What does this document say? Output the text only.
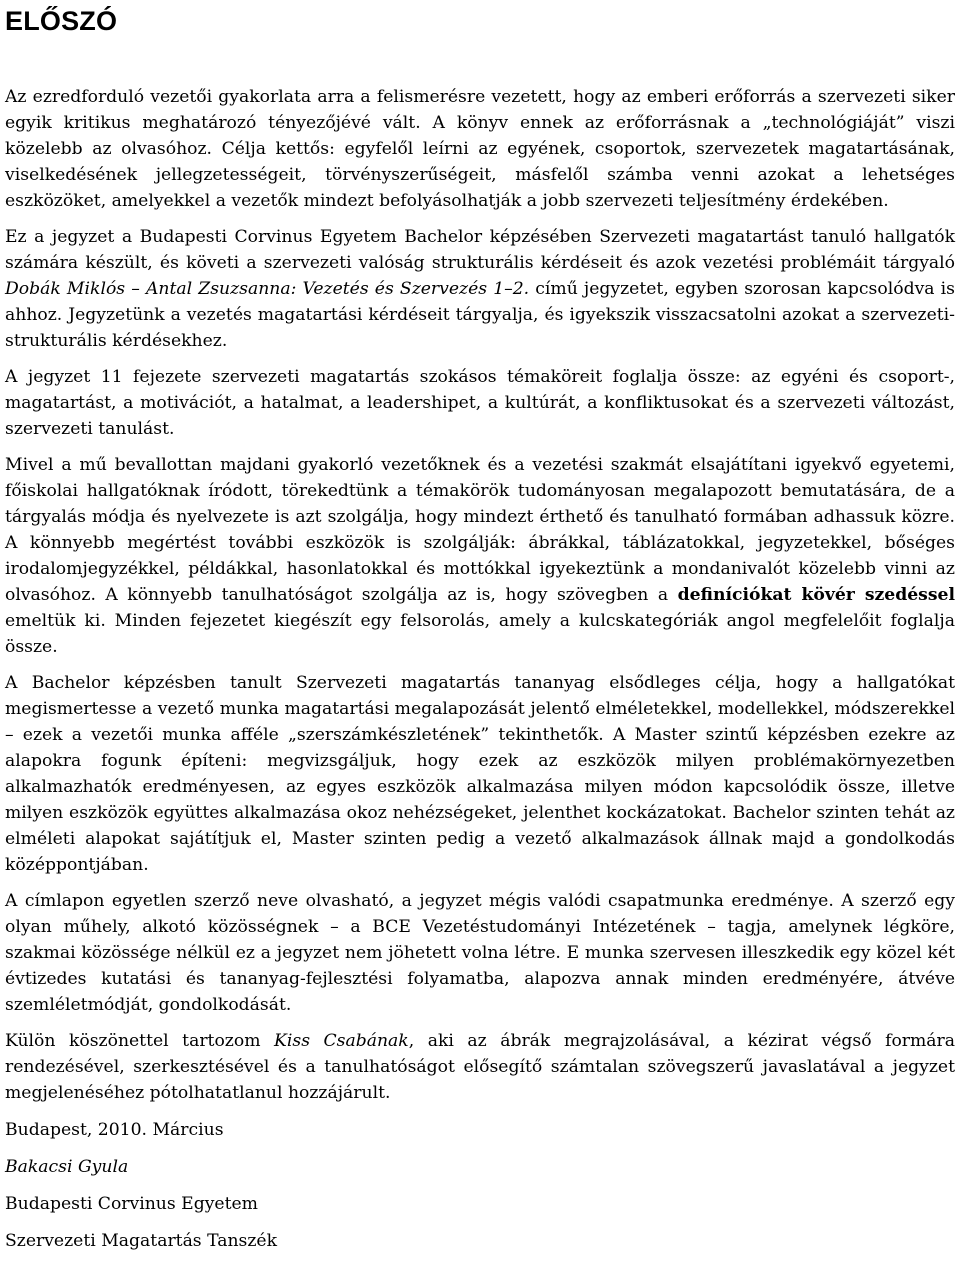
ELŐSZÓ

Az ezredforduló vezetői gyakorlata arra a felismerésre vezetett, hogy az emberi erőforrás a szervezeti siker egyik kritikus meghatározó tényezőjévé vált. A könyv ennek az erőforrásnak a „technológiáját” viszi közelebb az olvasóhoz. Célja kettős: egyfelől leírni az egyének, csoportok, szervezetek magatartásának, viselkedésének jellegzetességeit, törvényszerűségeit, másfelől számba venni azokat a lehetséges eszközöket, amelyekkel a vezetők mindezt befolyásolhatják a jobb szervezeti teljesítmény érdekében.

Ez a jegyzet a Budapesti Corvinus Egyetem Bachelor képzésében Szervezeti magatartást tanuló hallgatók számára készült, és követi a szervezeti valóság strukturális kérdéseit és azok vezetési problémáit tárgyaló Dobák Miklós – Antal Zsuzsanna: Vezetés és Szervezés 1–2. című jegyzetet, egyben szorosan kapcsolódva is ahhoz. Jegyzetünk a vezetés magatartási kérdéseit tárgyalja, és igyekszik visszacsatolni azokat a szervezeti-strukturális kérdésekhez.

A jegyzet 11 fejezete szervezeti magatartás szokásos témaköreit foglalja össze: az egyéni és csoport-, magatartást, a motivációt, a hatalmat, a leadershipet, a kultúrát, a konfliktusokat és a szervezeti változást, szervezeti tanulást.

Mivel a mű bevallottan majdani gyakorló vezetőknek és a vezetési szakmát elsajátítani igyekvő egyetemi, főiskolai hallgatóknak íródott, törekedtünk a témakörök tudományosan megalapozott bemutatására, de a tárgyalás módja és nyelvezete is azt szolgálja, hogy mindezt érthető és tanulható formában adhassuk közre. A könnyebb megértést további eszközök is szolgálják: ábrákkal, táblázatokkal, jegyzetekkel, bőséges irodalomjegyzékkel, példákkal, hasonlatokkal és mottókkal igyekeztünk a mondanivalót közelebb vinni az olvasóhoz. A könnyebb tanulhatóságot szolgálja az is, hogy szövegben a definíciókat kövér szedéssel emeltük ki. Minden fejezetet kiegészít egy felsorolás, amely a kulcskategóriák angol megfelelőit foglalja össze.

A Bachelor képzésben tanult Szervezeti magatartás tananyag elsődleges célja, hogy a hallgatókat megismertesse a vezető munka magatartási megalapozását jelentő elméletekkel, modellekkel, módszerekkel – ezek a vezetői munka afféle „szerszámkészletének” tekinthetők. A Master szintű képzésben ezekre az alapokra fogunk építeni: megvizsgáljuk, hogy ezek az eszközök milyen problémakörnyezetben alkalmazhatók eredményesen, az egyes eszközök alkalmazása milyen módon kapcsolódik össze, illetve milyen eszközök együttes alkalmazása okoz nehézségeket, jelenthet kockázatokat. Bachelor szinten tehát az elméleti alapokat sajátítjuk el, Master szinten pedig a vezető alkalmazások állnak majd a gondolkodás középpontjában.

A címlapon egyetlen szerző neve olvasható, a jegyzet mégis valódi csapatmunka eredménye. A szerző egy olyan műhely, alkotó közösségnek – a BCE Vezetéstudományi Intézetének – tagja, amelynek légköre, szakmai közössége nélkül ez a jegyzet nem jöhetett volna létre. E munka szervesen illeszkedik egy közel két évtizedes kutatási és tananyag-fejlesztési folyamatba, alapozva annak minden eredményére, átvéve szemléletmódját, gondolkodását.

Külön köszönettel tartozom Kiss Csabának, aki az ábrák megrajzolásával, a kézirat végső formára rendezésével, szerkesztésével és a tanulhatóságot elősegítő számtalan szövegszerű javaslatával a jegyzet megjelenéséhez pótolhatatlanul hozzájárult.

Budapest, 2010. Március

Bakacsi Gyula

Budapesti Corvinus Egyetem

Szervezeti Magatartás Tanszék
